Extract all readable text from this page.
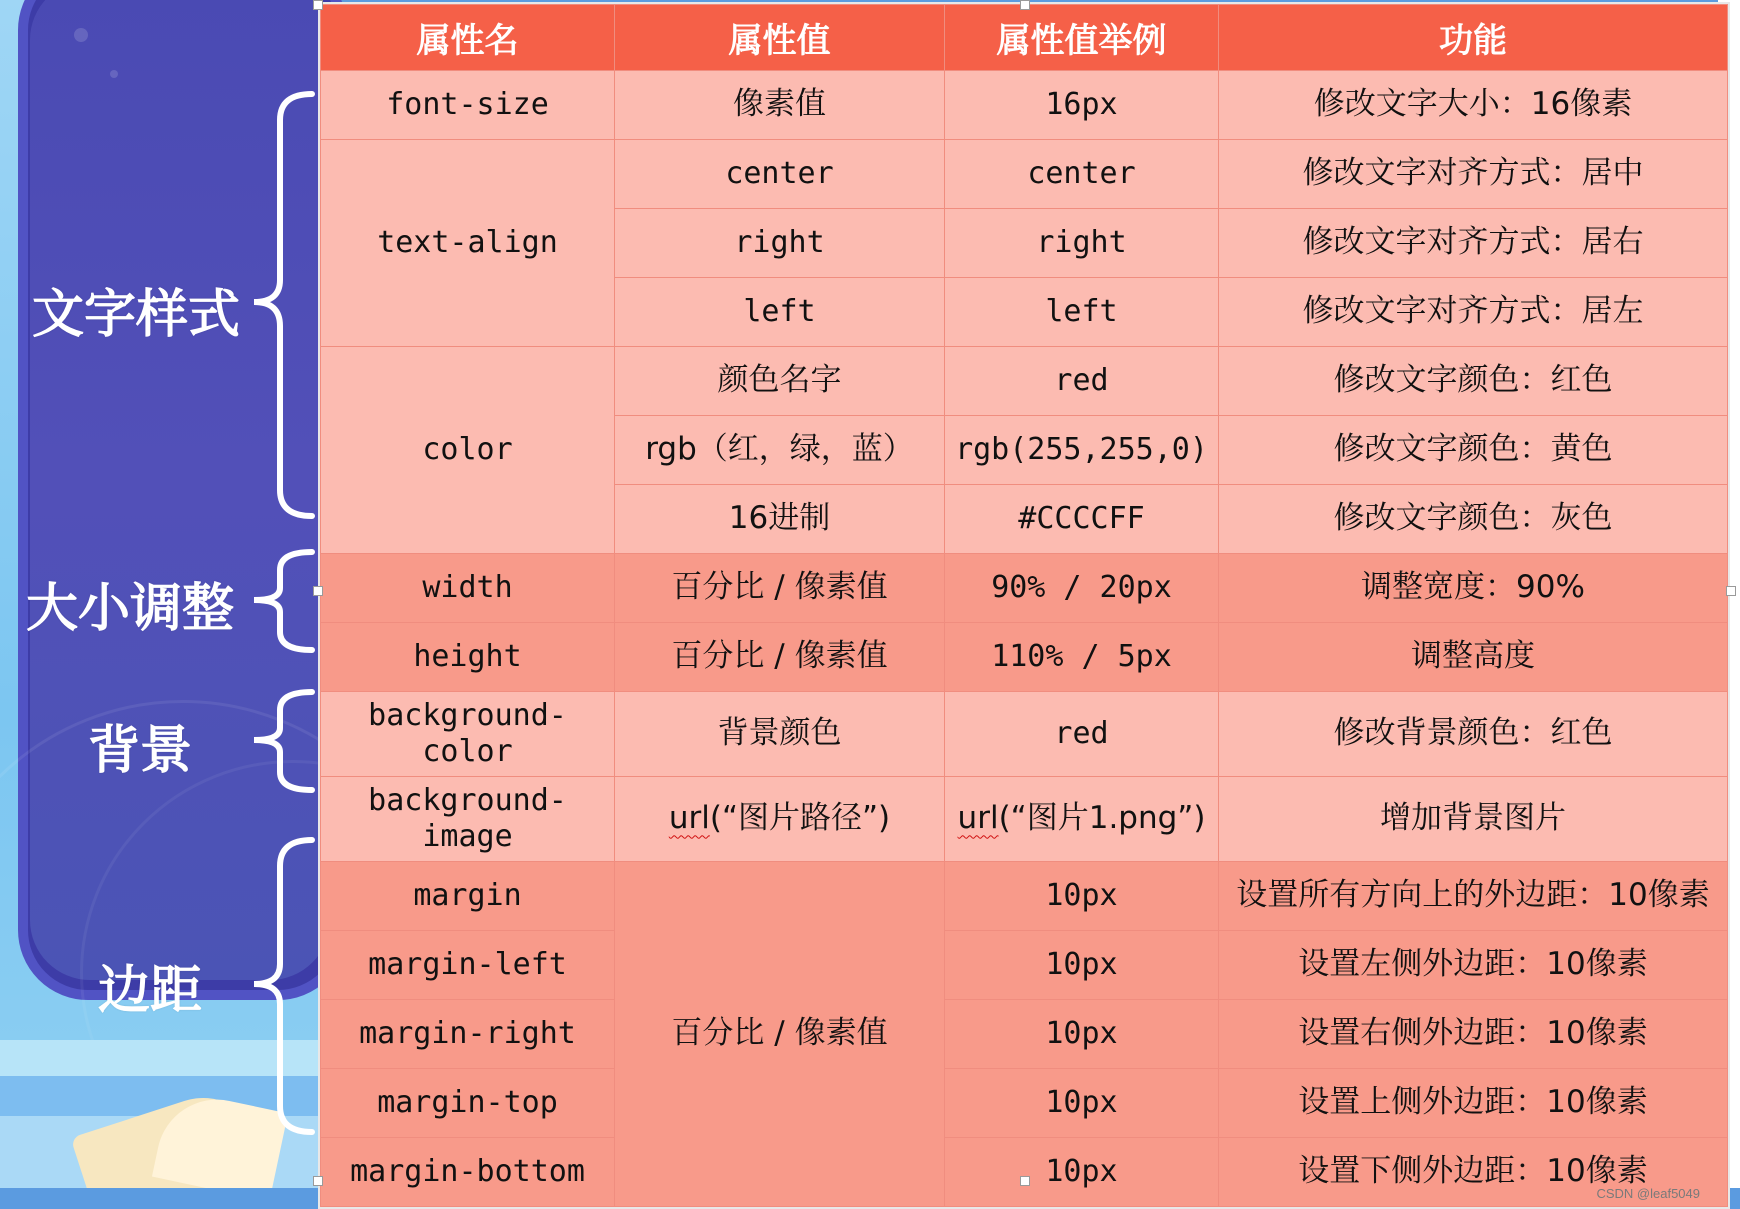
文字样式
大小调整
背景
边距
属性名	属性值	属性值举例	功能
font-size	像素值	16px	修改文字大小：16像素
text-align	center	center	修改文字对齐方式：居中
	right	right	修改文字对齐方式：居右
	left	left	修改文字对齐方式：居左
color	颜色名字	red	修改文字颜色：红色
	rgb（红，绿，蓝）	rgb(255,255,0)	修改文字颜色：黄色
	16进制	#CCCCFF	修改文字颜色：灰色
width	百分比 / 像素值	90% / 20px	调整宽度：90%
height	百分比 / 像素值	110% / 5px	调整高度
background-
color	背景颜色	red	修改背景颜色：红色
background-
image	url(“图片路径”)	url(“图片1.png”)	增加背景图片
margin	百分比 / 像素值	10px	设置所有方向上的外边距：10像素
margin-left		10px	设置左侧外边距：10像素
margin-right		10px	设置右侧外边距：10像素
margin-top		10px	设置上侧外边距：10像素
margin-bottom		10px	设置下侧外边距：10像素
CSDN @leaf5049
